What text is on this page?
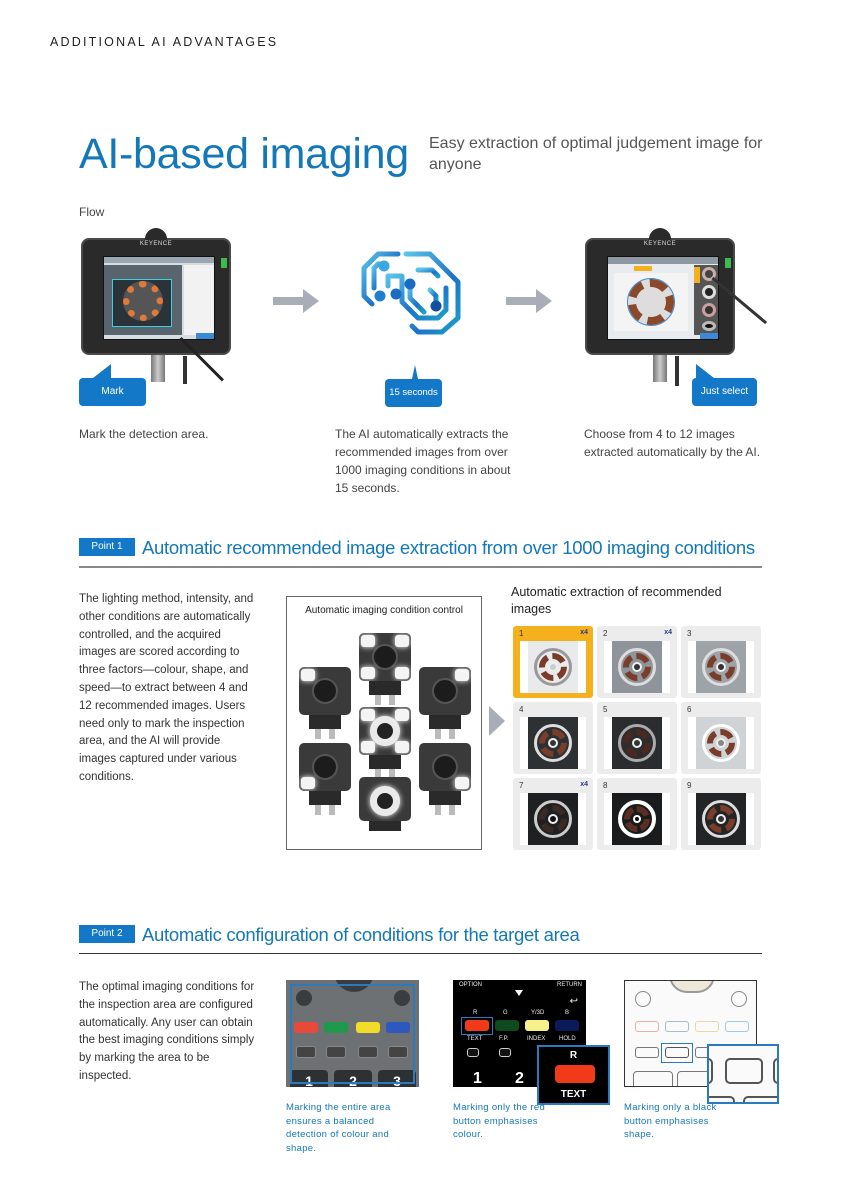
ADDITIONAL AI ADVANTAGES
AI-based imaging Easy extraction of optimal judgement image for anyone
Flow
KEYENCE
Mark
Mark the detection area.
15 seconds
The AI automatically extracts the recommended images from over 1000 imaging conditions in about 15 seconds.
KEYENCE
Just select
Choose from 4 to 12 images extracted automatically by the AI.
Point 1	Automatic recommended image extraction from over 1000 imaging conditions

The lighting method, intensity, and other conditions are automatically controlled, and the acquired images are scored according to three factors—colour, shape, and speed—to extract between 4 and 12 recommended images. Users need only to mark the inspection area, and the AI will provide images captured under various conditions.

Automatic imaging condition control
Automatic extraction of recommended images
1	x4 2	x4 3
4	5	6
7	x4 8	9
Point 2	Automatic configuration of conditions for the target area

The optimal imaging conditions for the inspection area are configured automatically. Any user can obtain the best imaging conditions simply by marking the area to be inspected.	1	2	3
Marking the entire area ensures a balanced detection of colour and shape.
OPTION	RETURN
↩
R	G	Y/3D	B
TEXT	F.P.	INDEX HOLD
1 2
R
TEXT
Marking only the red button emphasises colour.
Marking only a black button emphasises shape.
